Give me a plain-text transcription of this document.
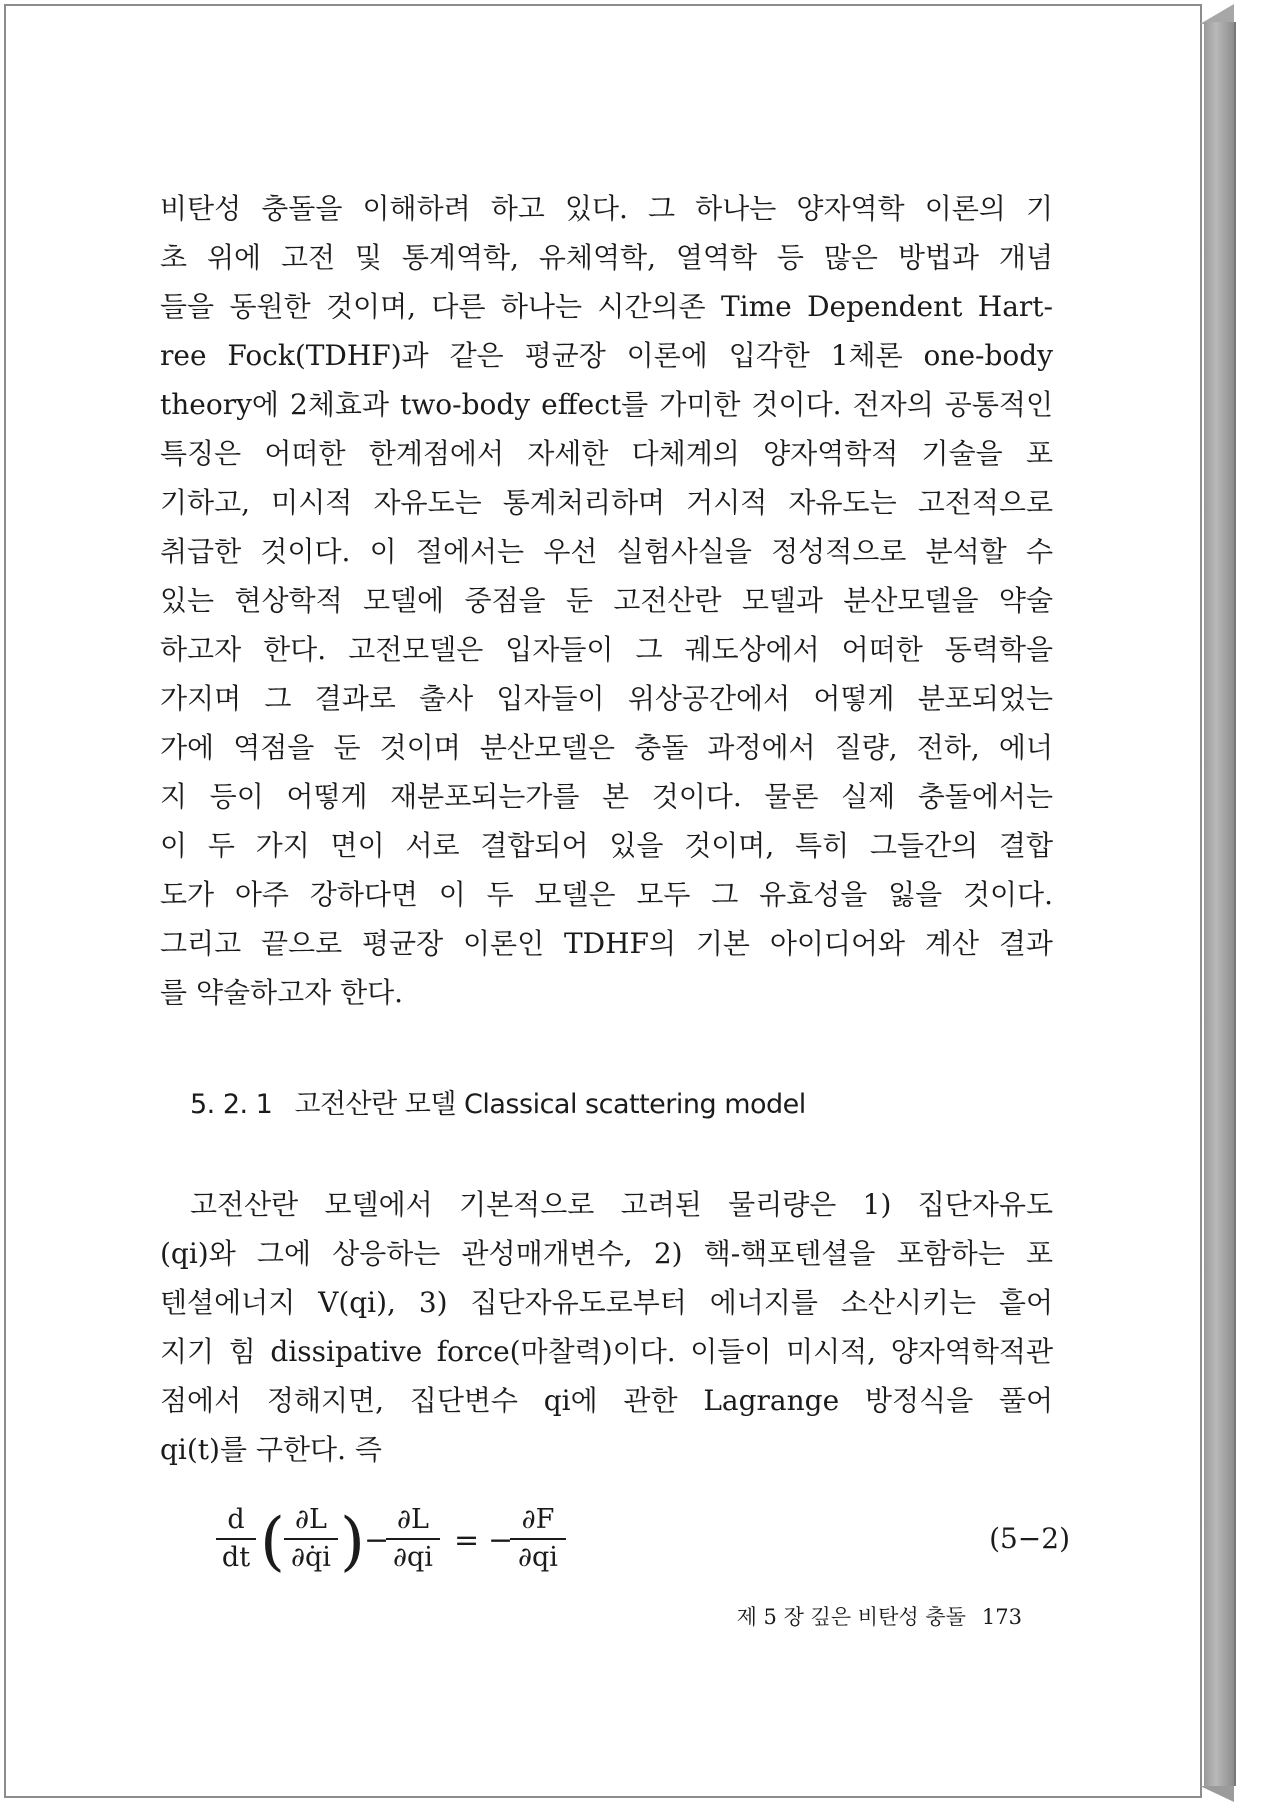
비탄성 충돌을 이해하려 하고 있다. 그 하나는 양자역학 이론의 기
초 위에 고전 및 통계역학, 유체역학, 열역학 등 많은 방법과 개념
들을 동원한 것이며, 다른 하나는 시간의존 Time Dependent Hart-
ree Fock(TDHF)과 같은 평균장 이론에 입각한 1체론 one-body
theory에 2체효과 two-body effect를 가미한 것이다. 전자의 공통적인
특징은 어떠한 한계점에서 자세한 다체계의 양자역학적 기술을 포
기하고, 미시적 자유도는 통계처리하며 거시적 자유도는 고전적으로
취급한 것이다. 이 절에서는 우선 실험사실을 정성적으로 분석할 수
있는 현상학적 모델에 중점을 둔 고전산란 모델과 분산모델을 약술
하고자 한다. 고전모델은 입자들이 그 궤도상에서 어떠한 동력학을
가지며 그 결과로 출사 입자들이 위상공간에서 어떻게 분포되었는
가에 역점을 둔 것이며 분산모델은 충돌 과정에서 질량, 전하, 에너
지 등이 어떻게 재분포되는가를 본 것이다. 물론 실제 충돌에서는
이 두 가지 면이 서로 결합되어 있을 것이며, 특히 그들간의 결합
도가 아주 강하다면 이 두 모델은 모두 그 유효성을 잃을 것이다.
그리고 끝으로 평균장 이론인 TDHF의 기본 아이디어와 계산 결과
를 약술하고자 한다.
5. 2. 1 고전산란 모델 Classical scattering model
고전산란 모델에서 기본적으로 고려된 물리량은 1) 집단자유도
(qi)와 그에 상응하는 관성매개변수, 2) 핵-핵포텐셜을 포함하는 포
텐셜에너지 V(qi), 3) 집단자유도로부터 에너지를 소산시키는 흩어
지기 힘 dissipative force(마찰력)이다. 이들이 미시적, 양자역학적관
점에서 정해지면, 집단변수 qi에 관한 Lagrange 방정식을 풀어
qi(t)를 구한다. 즉
d
dt ( ∂L
∂q̇i ) −
∂L
∂qi = −
∂F
∂qi
(5−2)
제 5 장 깊은 비탄성 충돌 173
